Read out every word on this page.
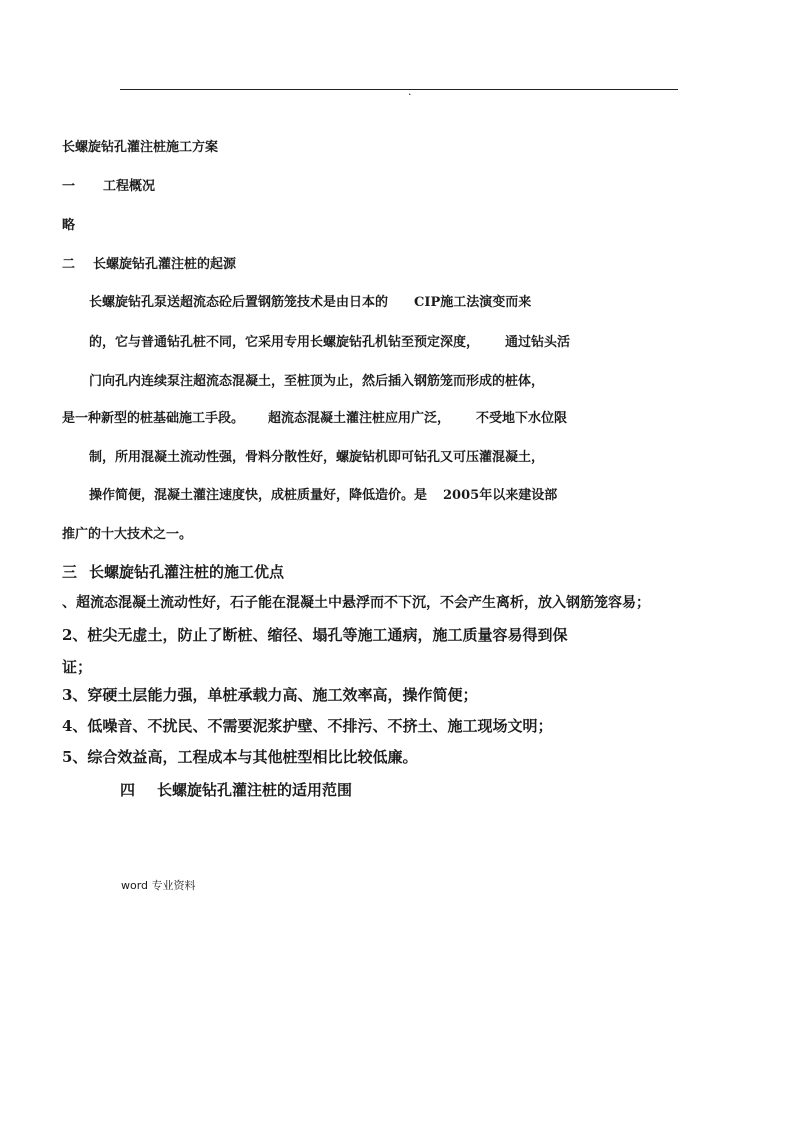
.
长螺旋钻孔灌注桩施工方案
一 工程概况
略
二 长螺旋钻孔灌注桩的起源
长螺旋钻孔泵送超流态砼后置钢筋笼技术是由日本的 CIP施工法演变而来
的，它与普通钻孔桩不同，它采用专用长螺旋钻孔机钻至预定深度， 通过钻头活
门向孔内连续泵注超流态混凝土，至桩顶为止，然后插入钢筋笼而形成的桩体，
是一种新型的桩基础施工手段。 超流态混凝土灌注桩应用广泛， 不受地下水位限
制，所用混凝土流动性强，骨料分散性好，螺旋钻机即可钻孔又可压灌混凝土，
操作简便，混凝土灌注速度快，成桩质量好，降低造价。是 2005年以来建设部
推广的十大技术之一。
三 长螺旋钻孔灌注桩的施工优点
、超流态混凝土流动性好，石子能在混凝土中悬浮而不下沉，不会产生离析，放入钢筋笼容易；
2、桩尖无虚土，防止了断桩、缩径、塌孔等施工通病，施工质量容易得到保
证；
3、穿硬土层能力强，单桩承载力高、施工效率高，操作简便；
4、低噪音、不扰民、不需要泥浆护壁、不排污、不挤土、施工现场文明；
5、综合效益高，工程成本与其他桩型相比比较低廉。
四 长螺旋钻孔灌注桩的适用范围
word 专业资料
